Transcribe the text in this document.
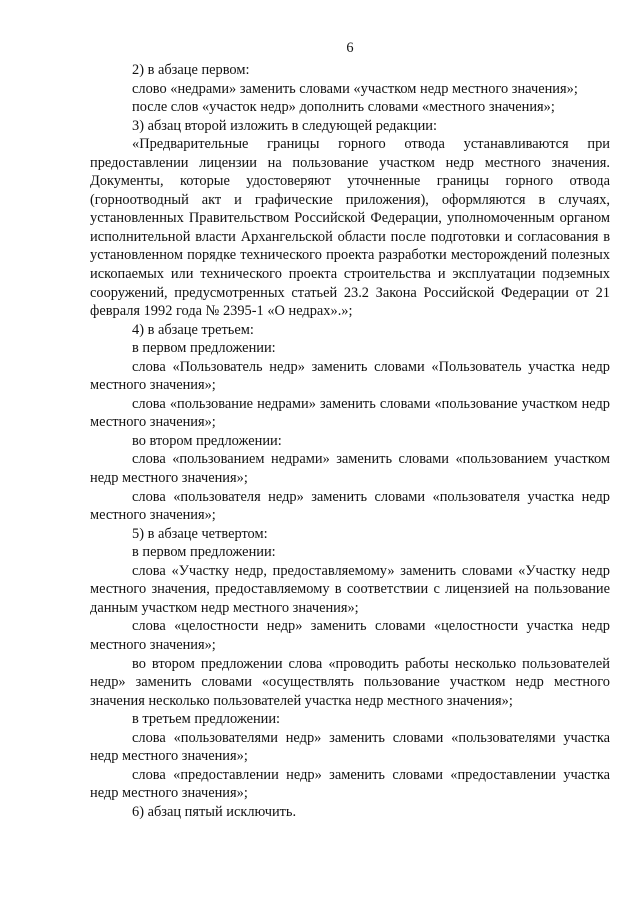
6

2) в абзаце первом:

слово «недрами» заменить словами «участком недр местного значения»;

после слов «участок недр» дополнить словами «местного значения»;

3) абзац второй изложить в следующей редакции:

«Предварительные границы горного отвода устанавливаются при предоставлении лицензии на пользование участком недр местного значения. Документы, которые удостоверяют уточненные границы горного отвода (горноотводный акт и графические приложения), оформляются в случаях, установленных Правительством Российской Федерации, уполномоченным органом исполнительной власти Архангельской области после подготовки и согласования в установленном порядке технического проекта разработки месторождений полезных ископаемых или технического проекта строительства и эксплуатации подземных сооружений, предусмотренных статьей 23.2 Закона Российской Федерации от 21 февраля 1992 года № 2395-1 «О недрах».»;

4) в абзаце третьем:

в первом предложении:

слова «Пользователь недр» заменить словами «Пользователь участка недр местного значения»;

слова «пользование недрами» заменить словами «пользование участком недр местного значения»;

во втором предложении:

слова «пользованием недрами» заменить словами «пользованием участком недр местного значения»;

слова «пользователя недр» заменить словами «пользователя участка недр местного значения»;

5) в абзаце четвертом:

в первом предложении:

слова «Участку недр, предоставляемому» заменить словами «Участку недр местного значения, предоставляемому в соответствии с лицензией на пользование данным участком недр местного значения»;

слова «целостности недр» заменить словами «целостности участка недр местного значения»;

во втором предложении слова «проводить работы несколько пользователей недр» заменить словами «осуществлять пользование участком недр местного значения несколько пользователей участка недр местного значения»;

в третьем предложении:

слова «пользователями недр» заменить словами «пользователями участка недр местного значения»;

слова «предоставлении недр» заменить словами «предоставлении участка недр местного значения»;

6) абзац пятый исключить.
